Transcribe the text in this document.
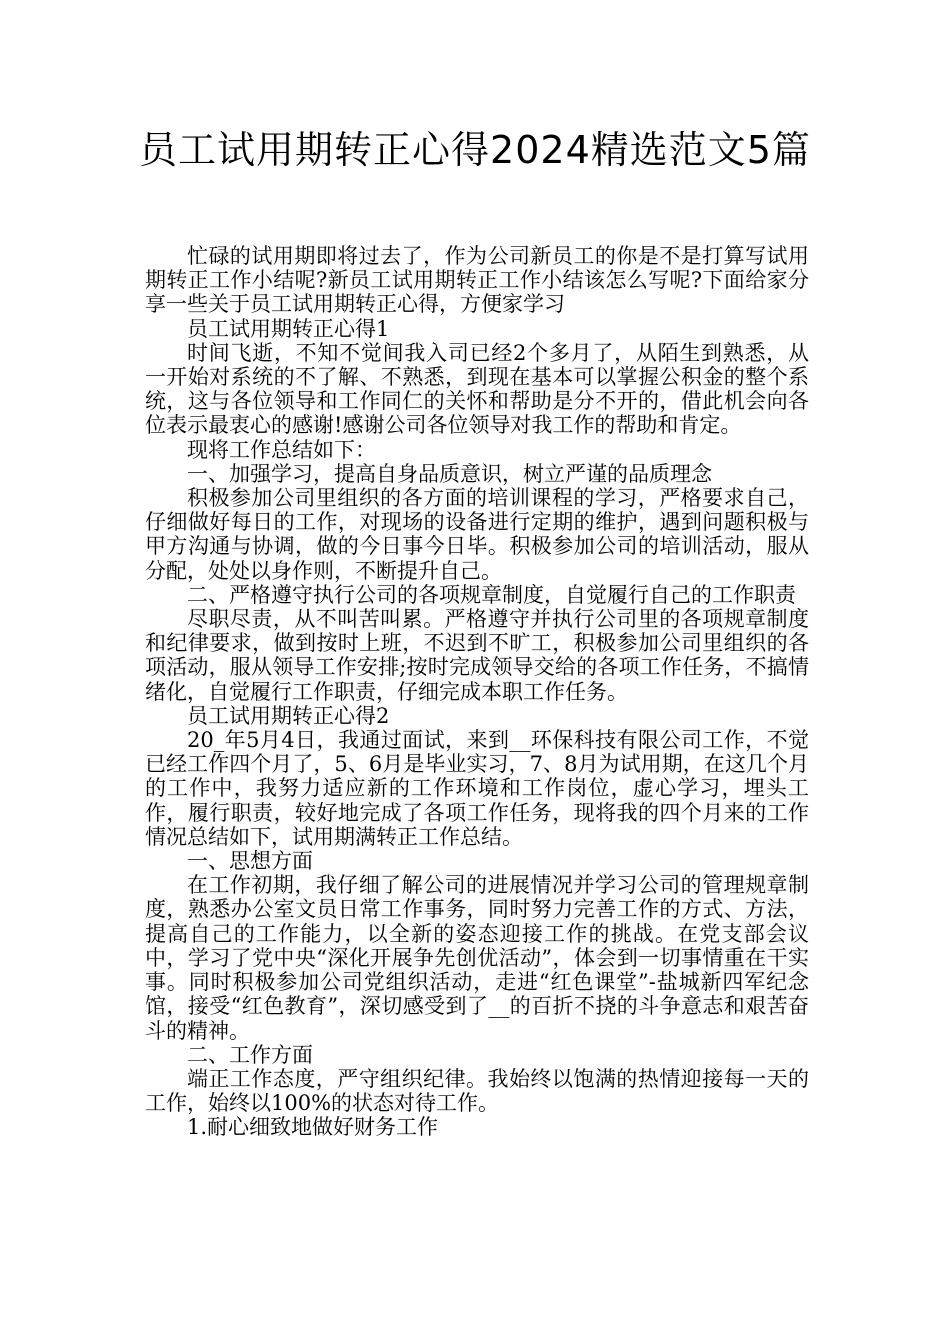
员工试用期转正心得2024精选范文5篇

忙碌的试用期即将过去了，作为公司新员工的你是不是打算写试用期转正工作小结呢?新员工试用期转正工作小结该怎么写呢?下面给家分享一些关于员工试用期转正心得，方便家学习

员工试用期转正心得1

时间飞逝，不知不觉间我入司已经2个多月了，从陌生到熟悉，从一开始对系统的不了解、不熟悉，到现在基本可以掌握公积金的整个系统，这与各位领导和工作同仁的关怀和帮助是分不开的，借此机会向各位表示最衷心的感谢!感谢公司各位领导对我工作的帮助和肯定。

现将工作总结如下：

一、加强学习，提高自身品质意识，树立严谨的品质理念

积极参加公司里组织的各方面的培训课程的学习，严格要求自己，仔细做好每日的工作，对现场的设备进行定期的维护，遇到问题积极与甲方沟通与协调，做的今日事今日毕。积极参加公司的培训活动，服从分配，处处以身作则，不断提升自己。

二、严格遵守执行公司的各项规章制度，自觉履行自己的工作职责

尽职尽责，从不叫苦叫累。严格遵守并执行公司里的各项规章制度和纪律要求，做到按时上班，不迟到不旷工，积极参加公司里组织的各项活动，服从领导工作安排;按时完成领导交给的各项工作任务，不搞情绪化，自觉履行工作职责，仔细完成本职工作任务。

员工试用期转正心得2

20_年5月4日，我通过面试，来到__环保科技有限公司工作，不觉已经工作四个月了，5、6月是毕业实习，7、8月为试用期，在这几个月的工作中，我努力适应新的工作环境和工作岗位，虚心学习，埋头工作，履行职责，较好地完成了各项工作任务，现将我的四个月来的工作情况总结如下，试用期满转正工作总结。

一、思想方面

在工作初期，我仔细了解公司的进展情况并学习公司的管理规章制度，熟悉办公室文员日常工作事务，同时努力完善工作的方式、方法，提高自己的工作能力，以全新的姿态迎接工作的挑战。在党支部会议中，学习了党中央“深化开展争先创优活动”，体会到一切事情重在干实事。同时积极参加公司党组织活动，走进“红色课堂”-盐城新四军纪念馆，接受“红色教育”，深切感受到了__的百折不挠的斗争意志和艰苦奋斗的精神。

二、工作方面

端正工作态度，严守组织纪律。我始终以饱满的热情迎接每一天的工作，始终以100%的状态对待工作。

1.耐心细致地做好财务工作
